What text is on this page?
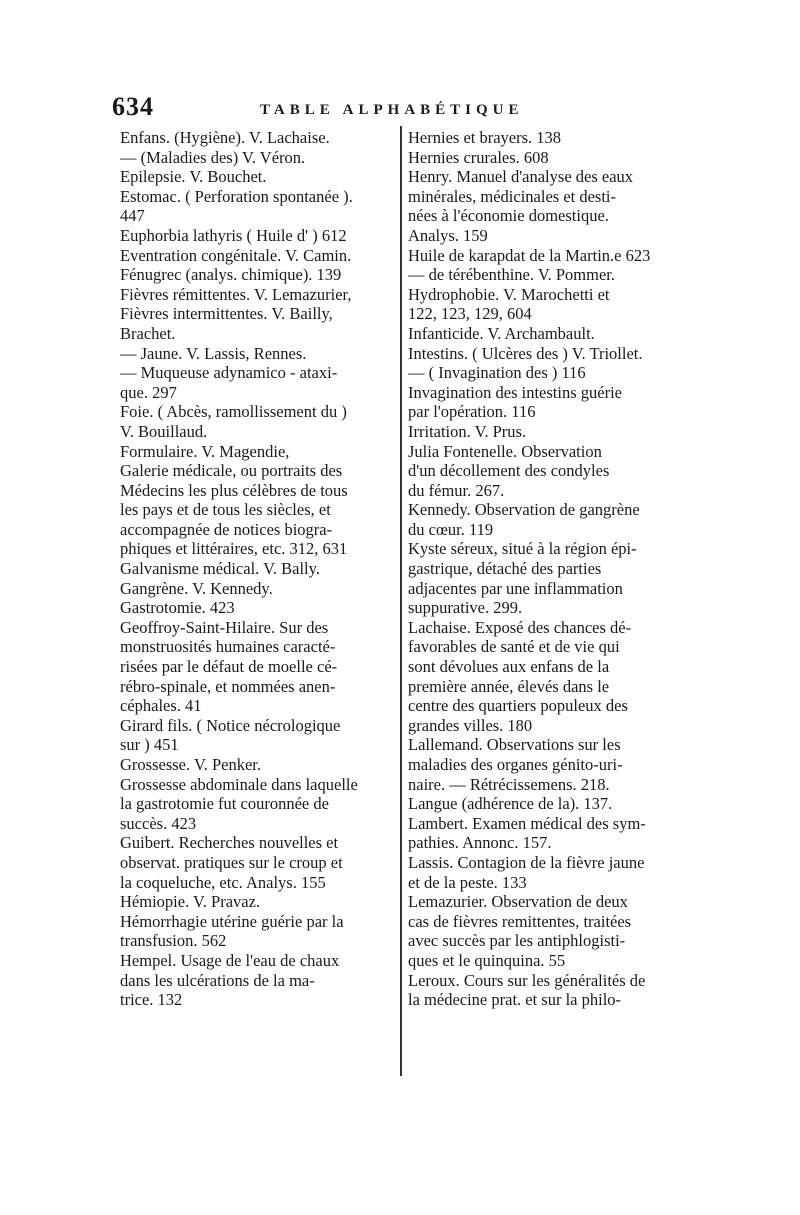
634	TABLE ALPHABÉTIQUE
Enfans. (Hygiène). V. Lachaise.
— (Maladies des) V. Véron.
Epilepsie. V. Bouchet.
Estomac. ( Perforation spontanée ).
447
Euphorbia lathyris ( Huile d' ) 612
Eventration congénitale. V. Camin.
Fénugrec (analys. chimique). 139
Fièvres rémittentes. V. Lemazurier,
Fièvres intermittentes. V. Bailly,
Brachet.
— Jaune. V. Lassis, Rennes.
— Muqueuse adynamico - ataxi-
que. 297
Foie. ( Abcès, ramollissement du )
V. Bouillaud.
Formulaire. V. Magendie,
Galerie médicale, ou portraits des
Médecins les plus célèbres de tous
les pays et de tous les siècles, et
accompagnée de notices biogra-
phiques et littéraires, etc. 312, 631
Galvanisme médical. V. Bally.
Gangrène. V. Kennedy.
Gastrotomie. 423
Geoffroy-Saint-Hilaire. Sur des
monstruosités humaines caracté-
risées par le défaut de moelle cé-
rébro-spinale, et nommées anen-
céphales. 41
Girard fils. ( Notice nécrologique
sur ) 451
Grossesse. V. Penker.
Grossesse abdominale dans laquelle
la gastrotomie fut couronnée de
succès. 423
Guibert. Recherches nouvelles et
observat. pratiques sur le croup et
la coqueluche, etc. Analys. 155
Hémiopie. V. Pravaz.
Hémorrhagie utérine guérie par la
transfusion. 562
Hempel. Usage de l'eau de chaux
dans les ulcérations de la ma-
trice. 132
Hernies et brayers. 138
Hernies crurales. 608
Henry. Manuel d'analyse des eaux
minérales, médicinales et desti-
nées à l'économie domestique.
Analys. 159
Huile de karapdat de la Martin.e 623
— de térébenthine. V. Pommer.
Hydrophobie. V. Marochetti et
122, 123, 129, 604
Infanticide. V. Archambault.
Intestins. ( Ulcères des ) V. Triollet.
— ( Invagination des ) 116
Invagination des intestins guérie
par l'opération. 116
Irritation. V. Prus.
Julia Fontenelle. Observation
d'un décollement des condyles
du fémur. 267.
Kennedy. Observation de gangrène
du cœur. 119
Kyste séreux, situé à la région épi-
gastrique, détaché des parties
adjacentes par une inflammation
suppurative. 299.
Lachaise. Exposé des chances dé-
favorables de santé et de vie qui
sont dévolues aux enfans de la
première année, élevés dans le
centre des quartiers populeux des
grandes villes. 180
Lallemand. Observations sur les
maladies des organes génito-uri-
naire. — Rétrécissemens. 218.
Langue (adhérence de la). 137.
Lambert. Examen médical des sym-
pathies. Annonc. 157.
Lassis. Contagion de la fièvre jaune
et de la peste. 133
Lemazurier. Observation de deux
cas de fièvres remittentes, traitées
avec succès par les antiphlogisti-
ques et le quinquina. 55
Leroux. Cours sur les généralités de
la médecine prat. et sur la philo-
